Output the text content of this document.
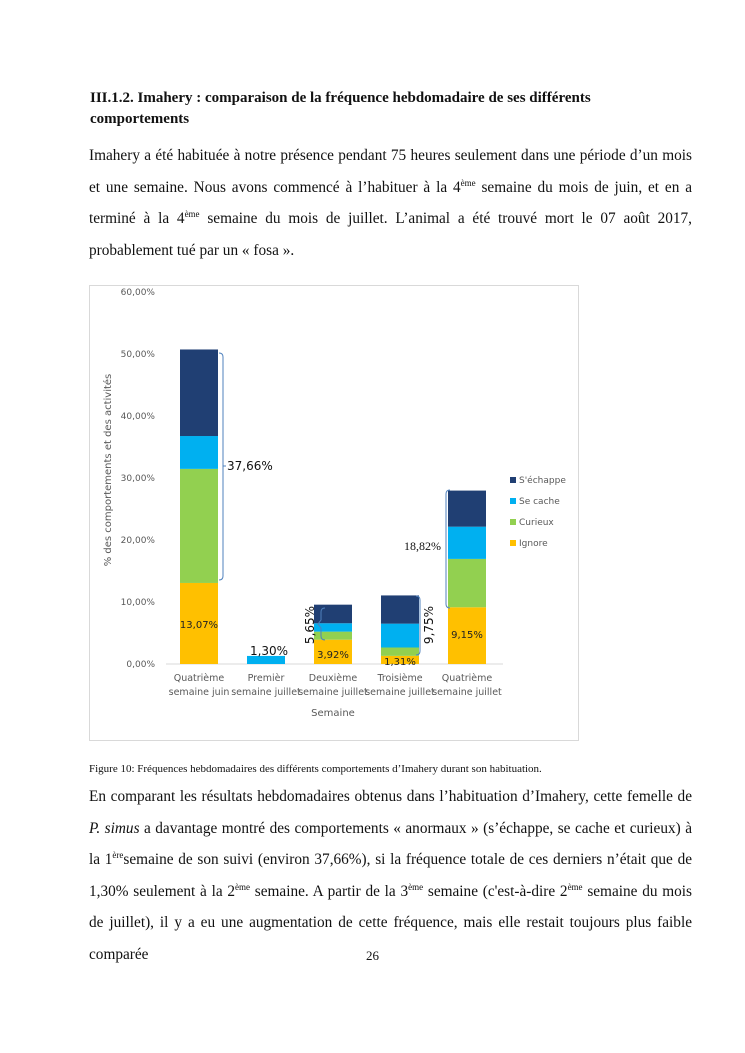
III.1.2. Imahery : comparaison de la fréquence hebdomadaire de ses différents
comportements
Imahery a été habituée à notre présence pendant 75 heures seulement dans une période d’un mois et une semaine. Nous avons commencé à l’habituer à la 4ème semaine du mois de juin, et en a terminé à la 4ème semaine du mois de juillet. L’animal a été trouvé mort le 07 août 2017, probablement tué par un « fosa ».
0,00%
10,00%
20,00%
30,00%
40,00%
50,00%
60,00%
Quatrième
semaine juin
Premièr
semaine juillet
Deuxième
semaine juillet
Troisième
semaine juillet
Quatrième
semaine juillet
% des comportements et des activités
Semaine
S'échappe
Se cache
Curieux
Ignore
13,07%
1,30%	3,92%
1,31%
9,15%
37,66%
5,65%	9,75%
18,82%
Figure 10: Fréquences hebdomadaires des différents comportements d’Imahery durant son habituation.
En comparant les résultats hebdomadaires obtenus dans l’habituation d’Imahery, cette femelle de P. simus a davantage montré des comportements « anormaux » (s’échappe, se cache et curieux) à la 1èresemaine de son suivi (environ 37,66%), si la fréquence totale de ces derniers n’était que de 1,30% seulement à la 2ème semaine. A partir de la 3ème semaine (c'est-à-dire 2ème semaine du mois de juillet), il y a eu une augmentation de cette fréquence, mais elle restait toujours plus faible comparée	26
